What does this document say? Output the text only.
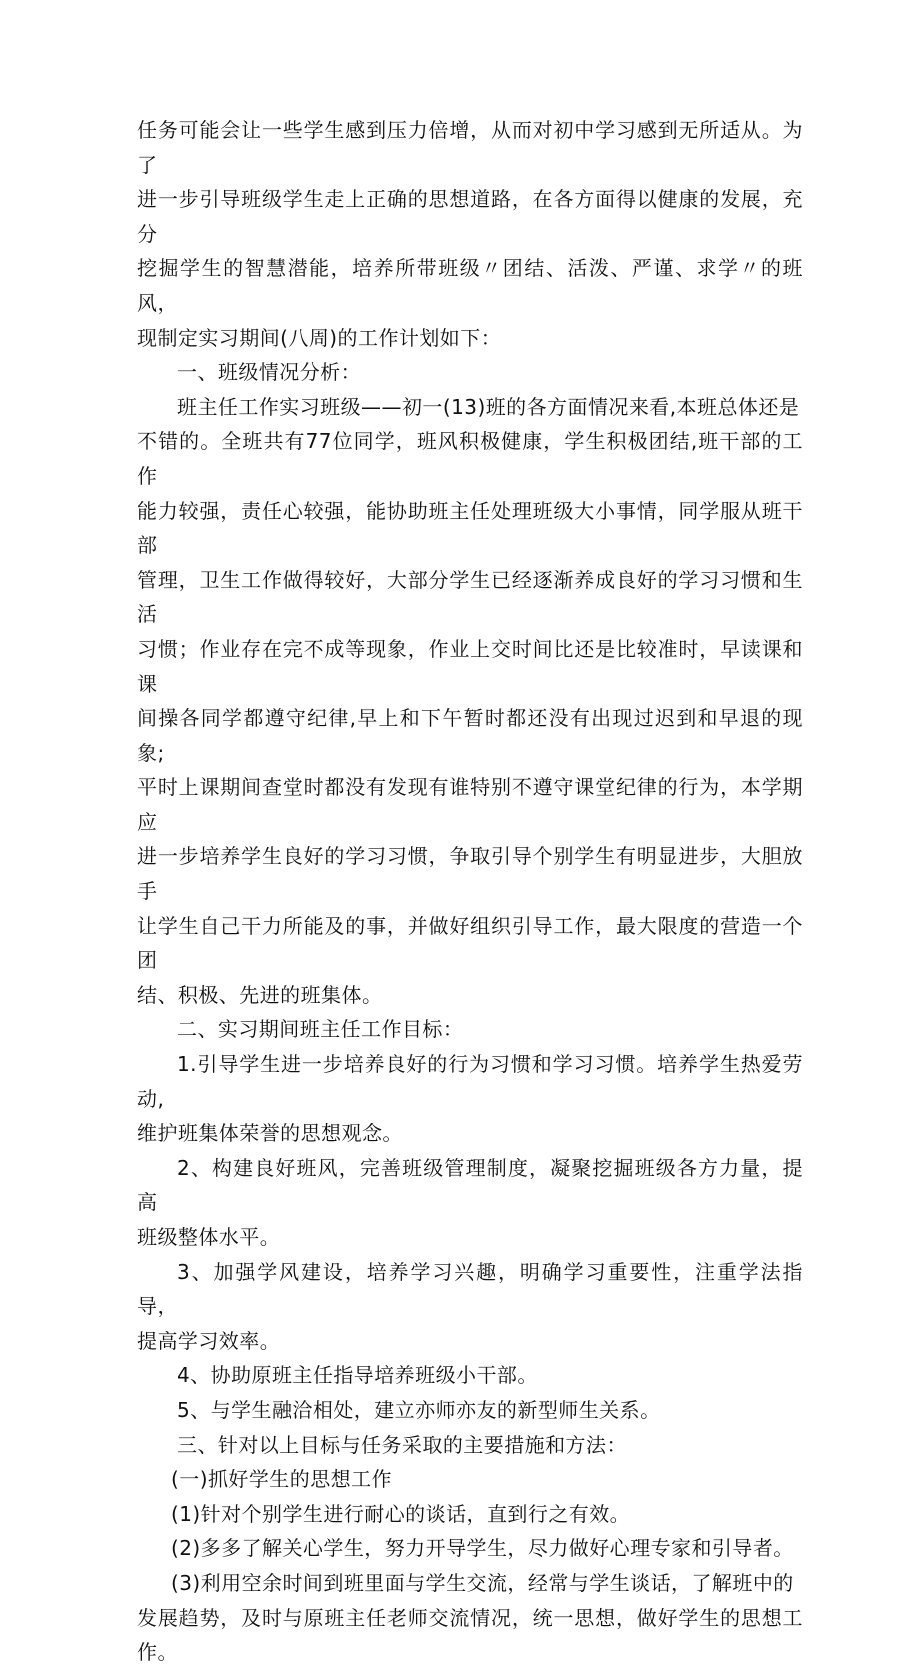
任务可能会让一些学生感到压力倍增，从而对初中学习感到无所适从。为了
进一步引导班级学生走上正确的思想道路，在各方面得以健康的发展，充分
挖掘学生的智慧潜能，培养所带班级〃团结、活泼、严谨、求学〃的班风，
现制定实习期间(八周)的工作计划如下：

一、班级情况分析：

班主任工作实习班级——初一(13)班的各方面情况来看,本班总体还是
不错的。全班共有77位同学，班风积极健康，学生积极团结,班干部的工作
能力较强，责任心较强，能协助班主任处理班级大小事情，同学服从班干部
管理，卫生工作做得较好，大部分学生已经逐渐养成良好的学习习惯和生活
习惯；作业存在完不成等现象，作业上交时间比还是比较准时，早读课和课
间操各同学都遵守纪律,早上和下午暂时都还没有出现过迟到和早退的现象;
平时上课期间查堂时都没有发现有谁特别不遵守课堂纪律的行为，本学期应
进一步培养学生良好的学习习惯，争取引导个别学生有明显进步，大胆放手
让学生自己干力所能及的事，并做好组织引导工作，最大限度的营造一个团
结、积极、先进的班集体。

二、实习期间班主任工作目标：

1.引导学生进一步培养良好的行为习惯和学习习惯。培养学生热爱劳动,
维护班集体荣誉的思想观念。

2、构建良好班风，完善班级管理制度，凝聚挖掘班级各方力量，提高
班级整体水平。

3、加强学风建设，培养学习兴趣，明确学习重要性，注重学法指导，
提高学习效率。

4、协助原班主任指导培养班级小干部。

5、与学生融洽相处，建立亦师亦友的新型师生关系。

三、针对以上目标与任务采取的主要措施和方法：

(一)抓好学生的思想工作

(1)针对个别学生进行耐心的谈话，直到行之有效。

(2)多多了解关心学生，努力开导学生，尽力做好心理专家和引导者。

(3)利用空余时间到班里面与学生交流，经常与学生谈话，了解班中的
发展趋势，及时与原班主任老师交流情况，统一思想，做好学生的思想工作。
